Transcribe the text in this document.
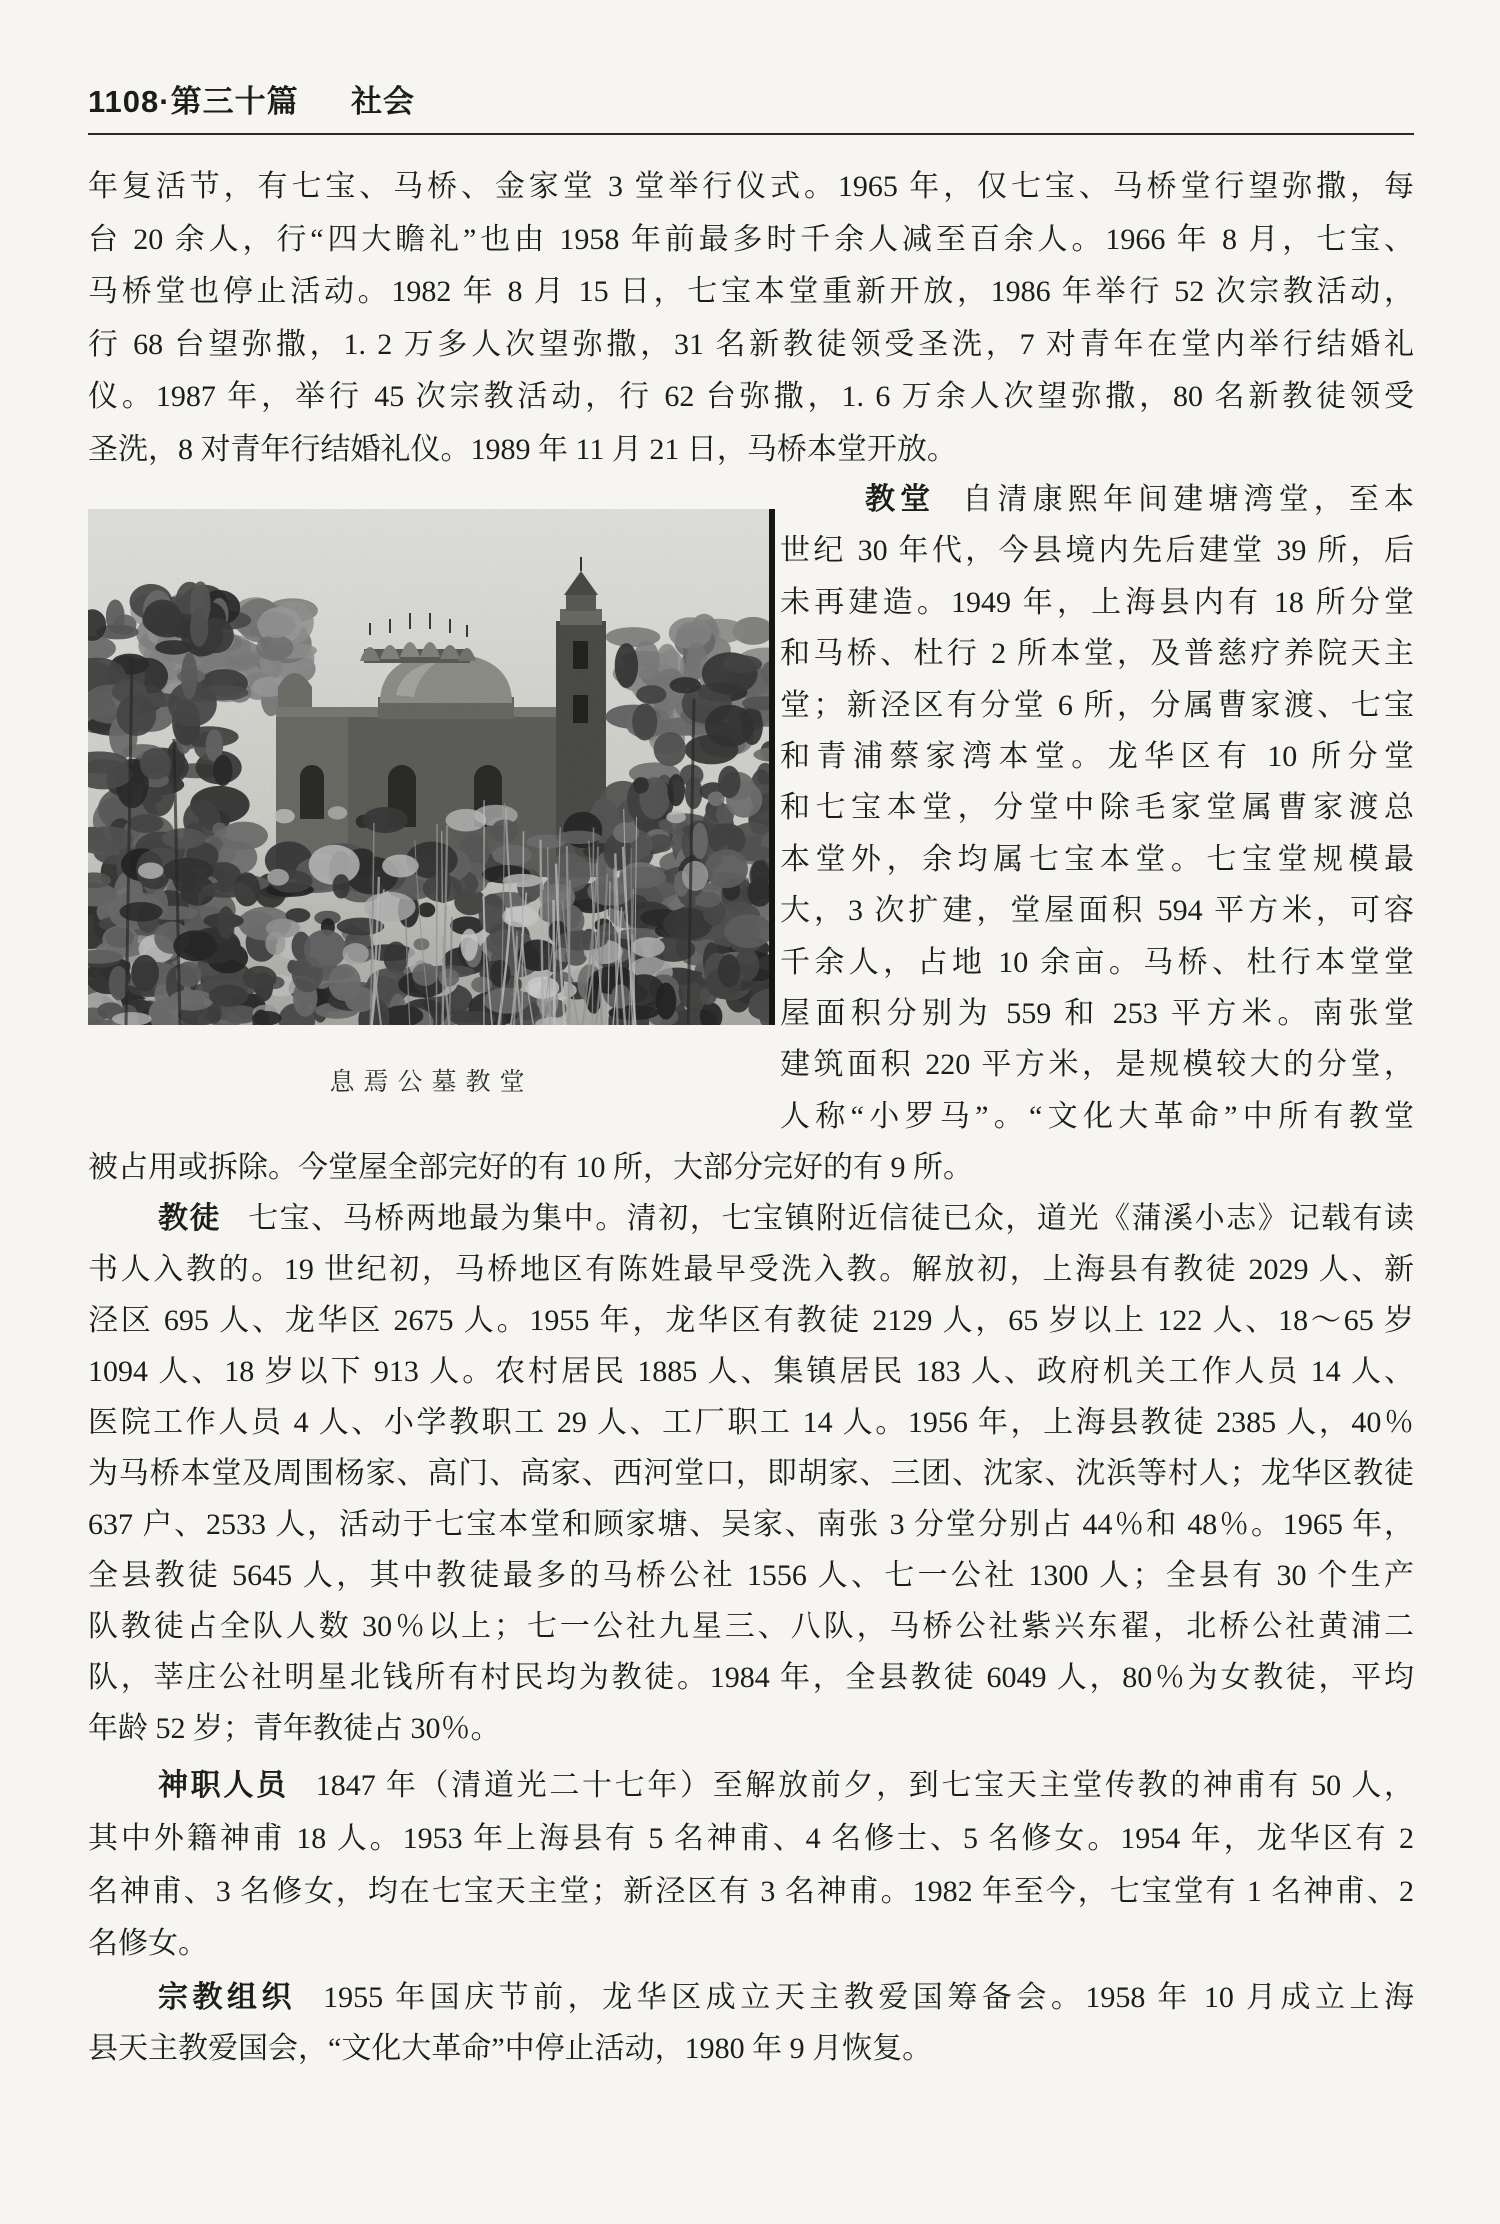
1108·第三十篇 社会
年复活节，有七宝、马桥、金家堂 3 堂举行仪式。1965 年，仅七宝、马桥堂行望弥撒，每
台 20 余人，行“四大瞻礼”也由 1958 年前最多时千余人减至百余人。1966 年 8 月，七宝、
马桥堂也停止活动。1982 年 8 月 15 日，七宝本堂重新开放，1986 年举行 52 次宗教活动，
行 68 台望弥撒，1. 2 万多人次望弥撒，31 名新教徒领受圣洗，7 对青年在堂内举行结婚礼
仪。1987 年，举行 45 次宗教活动，行 62 台弥撒，1. 6 万余人次望弥撒，80 名新教徒领受
圣洗，8 对青年行结婚礼仪。1989 年 11 月 21 日，马桥本堂开放。
息焉公墓教堂
教堂 自清康熙年间建塘湾堂，至本
世纪 30 年代，今县境内先后建堂 39 所，后
未再建造。1949 年，上海县内有 18 所分堂
和马桥、杜行 2 所本堂，及普慈疗养院天主
堂；新泾区有分堂 6 所，分属曹家渡、七宝
和青浦蔡家湾本堂。龙华区有 10 所分堂
和七宝本堂，分堂中除毛家堂属曹家渡总
本堂外，余均属七宝本堂。七宝堂规模最
大，3 次扩建，堂屋面积 594 平方米，可容
千余人，占地 10 余亩。马桥、杜行本堂堂
屋面积分别为 559 和 253 平方米。南张堂
建筑面积 220 平方米，是规模较大的分堂，
人称“小罗马”。“文化大革命”中所有教堂
被占用或拆除。今堂屋全部完好的有 10 所，大部分完好的有 9 所。
教徒 七宝、马桥两地最为集中。清初，七宝镇附近信徒已众，道光《蒲溪小志》记载有读
书人入教的。19 世纪初，马桥地区有陈姓最早受洗入教。解放初，上海县有教徒 2029 人、新
泾区 695 人、龙华区 2675 人。1955 年，龙华区有教徒 2129 人，65 岁以上 122 人、18～65 岁
1094 人、18 岁以下 913 人。农村居民 1885 人、集镇居民 183 人、政府机关工作人员 14 人、
医院工作人员 4 人、小学教职工 29 人、工厂职工 14 人。1956 年，上海县教徒 2385 人，40％
为马桥本堂及周围杨家、高门、高家、西河堂口，即胡家、三团、沈家、沈浜等村人；龙华区教徒
637 户、2533 人，活动于七宝本堂和顾家塘、吴家、南张 3 分堂分别占 44％和 48％。1965 年，
全县教徒 5645 人，其中教徒最多的马桥公社 1556 人、七一公社 1300 人；全县有 30 个生产
队教徒占全队人数 30％以上；七一公社九星三、八队，马桥公社紫兴东翟，北桥公社黄浦二
队，莘庄公社明星北钱所有村民均为教徒。1984 年，全县教徒 6049 人，80％为女教徒，平均
年龄 52 岁；青年教徒占 30％。
神职人员 1847 年（清道光二十七年）至解放前夕，到七宝天主堂传教的神甫有 50 人，
其中外籍神甫 18 人。1953 年上海县有 5 名神甫、4 名修士、5 名修女。1954 年，龙华区有 2
名神甫、3 名修女，均在七宝天主堂；新泾区有 3 名神甫。1982 年至今，七宝堂有 1 名神甫、2
名修女。
宗教组织 1955 年国庆节前，龙华区成立天主教爱国筹备会。1958 年 10 月成立上海
县天主教爱国会，“文化大革命”中停止活动，1980 年 9 月恢复。
